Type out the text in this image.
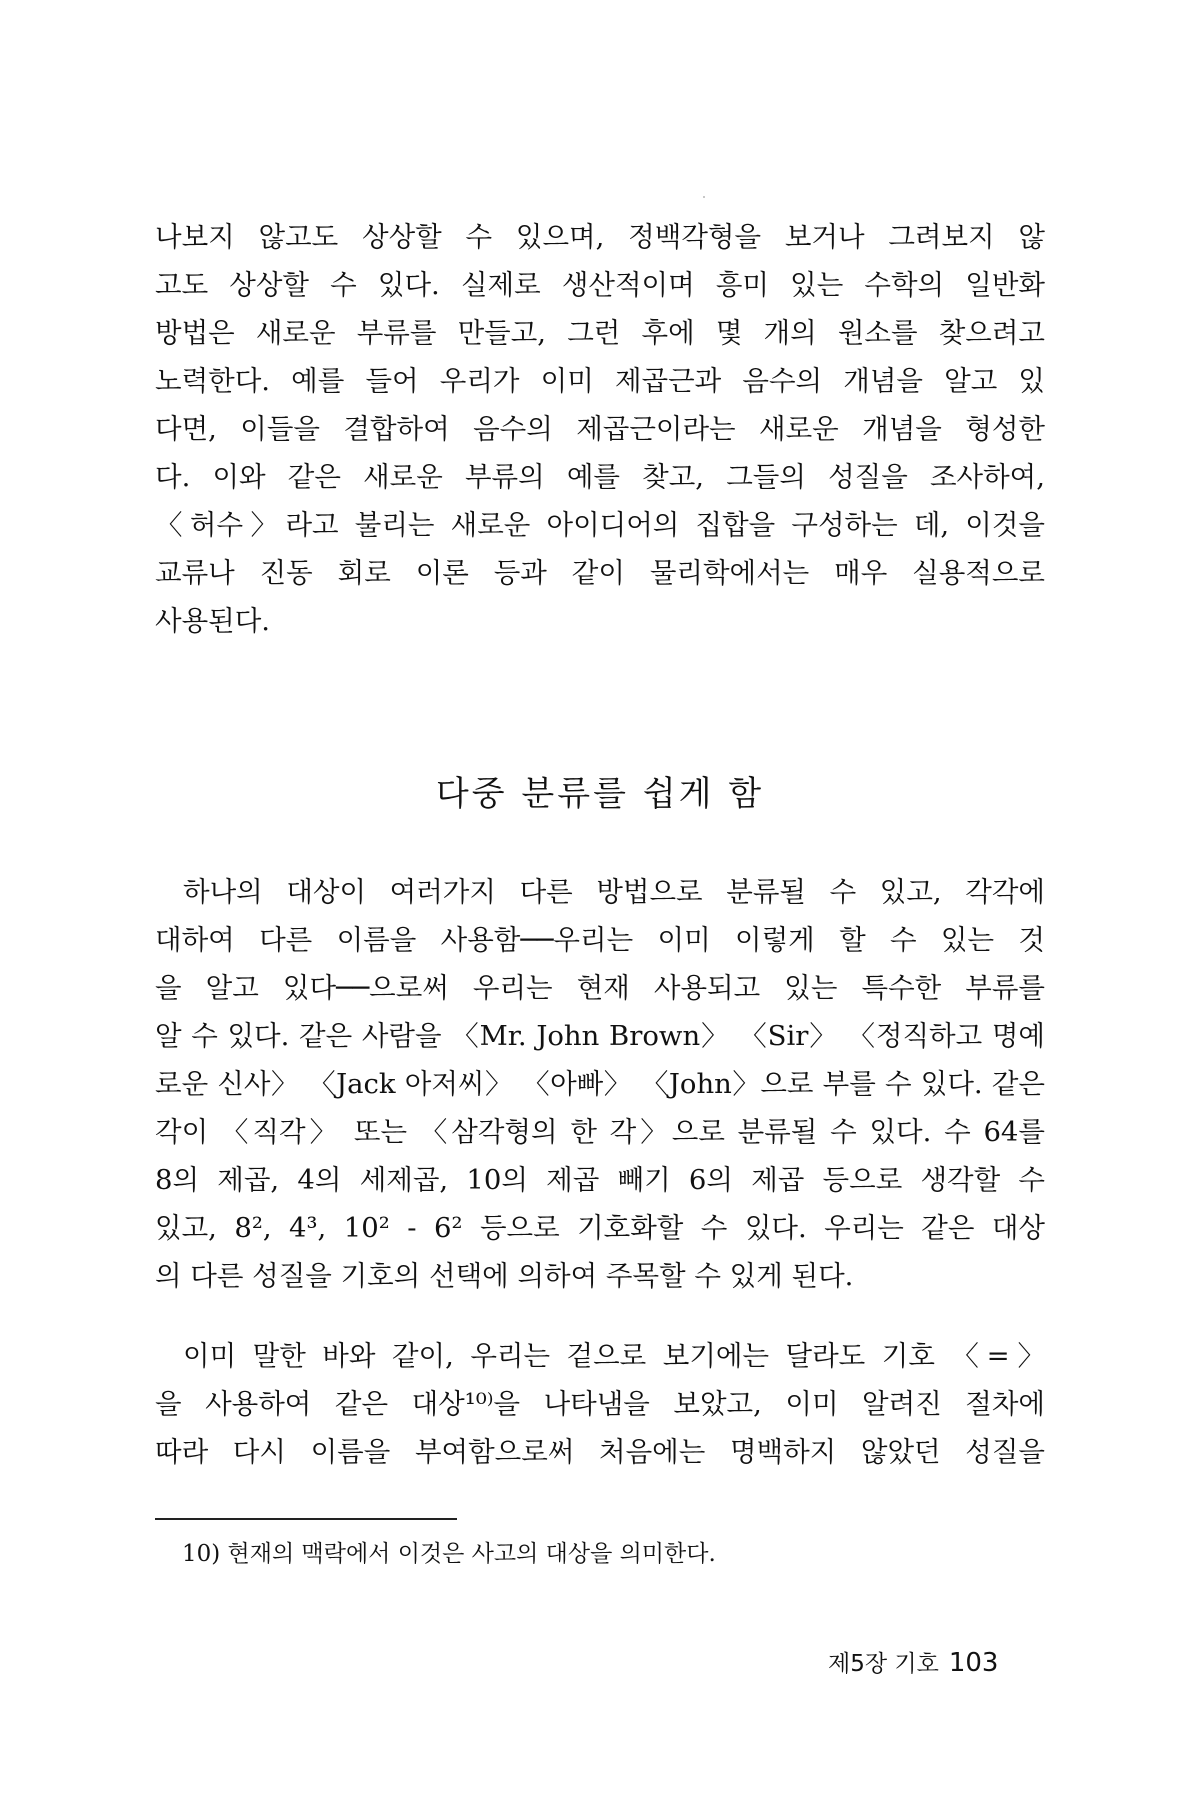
나보지 않고도 상상할 수 있으며, 정백각형을 보거나 그려보지 않
고도 상상할 수 있다. 실제로 생산적이며 흥미 있는 수학의 일반화
방법은 새로운 부류를 만들고, 그런 후에 몇 개의 원소를 찾으려고
노력한다. 예를 들어 우리가 이미 제곱근과 음수의 개념을 알고 있
다면, 이들을 결합하여 음수의 제곱근이라는 새로운 개념을 형성한
다. 이와 같은 새로운 부류의 예를 찾고, 그들의 성질을 조사하여,
〈허수〉라고 불리는 새로운 아이디어의 집합을 구성하는 데, 이것을
교류나 진동 회로 이론 등과 같이 물리학에서는 매우 실용적으로
사용된다.
다중 분류를 쉽게 함
하나의 대상이 여러가지 다른 방법으로 분류될 수 있고, 각각에
대하여 다른 이름을 사용함──우리는 이미 이렇게 할 수 있는 것
을 알고 있다──으로써 우리는 현재 사용되고 있는 특수한 부류를
알 수 있다. 같은 사람을 〈Mr. John Brown〉 〈Sir〉 〈정직하고 명예
로운 신사〉 〈Jack 아저씨〉 〈아빠〉 〈John〉으로 부를 수 있다. 같은
각이 〈직각〉 또는 〈삼각형의 한 각〉으로 분류될 수 있다. 수 64를
8의 제곱, 4의 세제곱, 10의 제곱 빼기 6의 제곱 등으로 생각할 수
있고, 8², 4³, 10² - 6² 등으로 기호화할 수 있다. 우리는 같은 대상
의 다른 성질을 기호의 선택에 의하여 주목할 수 있게 된다.
이미 말한 바와 같이, 우리는 겉으로 보기에는 달라도 기호 〈=〉
을 사용하여 같은 대상¹⁰⁾을 나타냄을 보았고, 이미 알려진 절차에
따라 다시 이름을 부여함으로써 처음에는 명백하지 않았던 성질을
10) 현재의 맥락에서 이것은 사고의 대상을 의미한다.
제5장 기호 103
